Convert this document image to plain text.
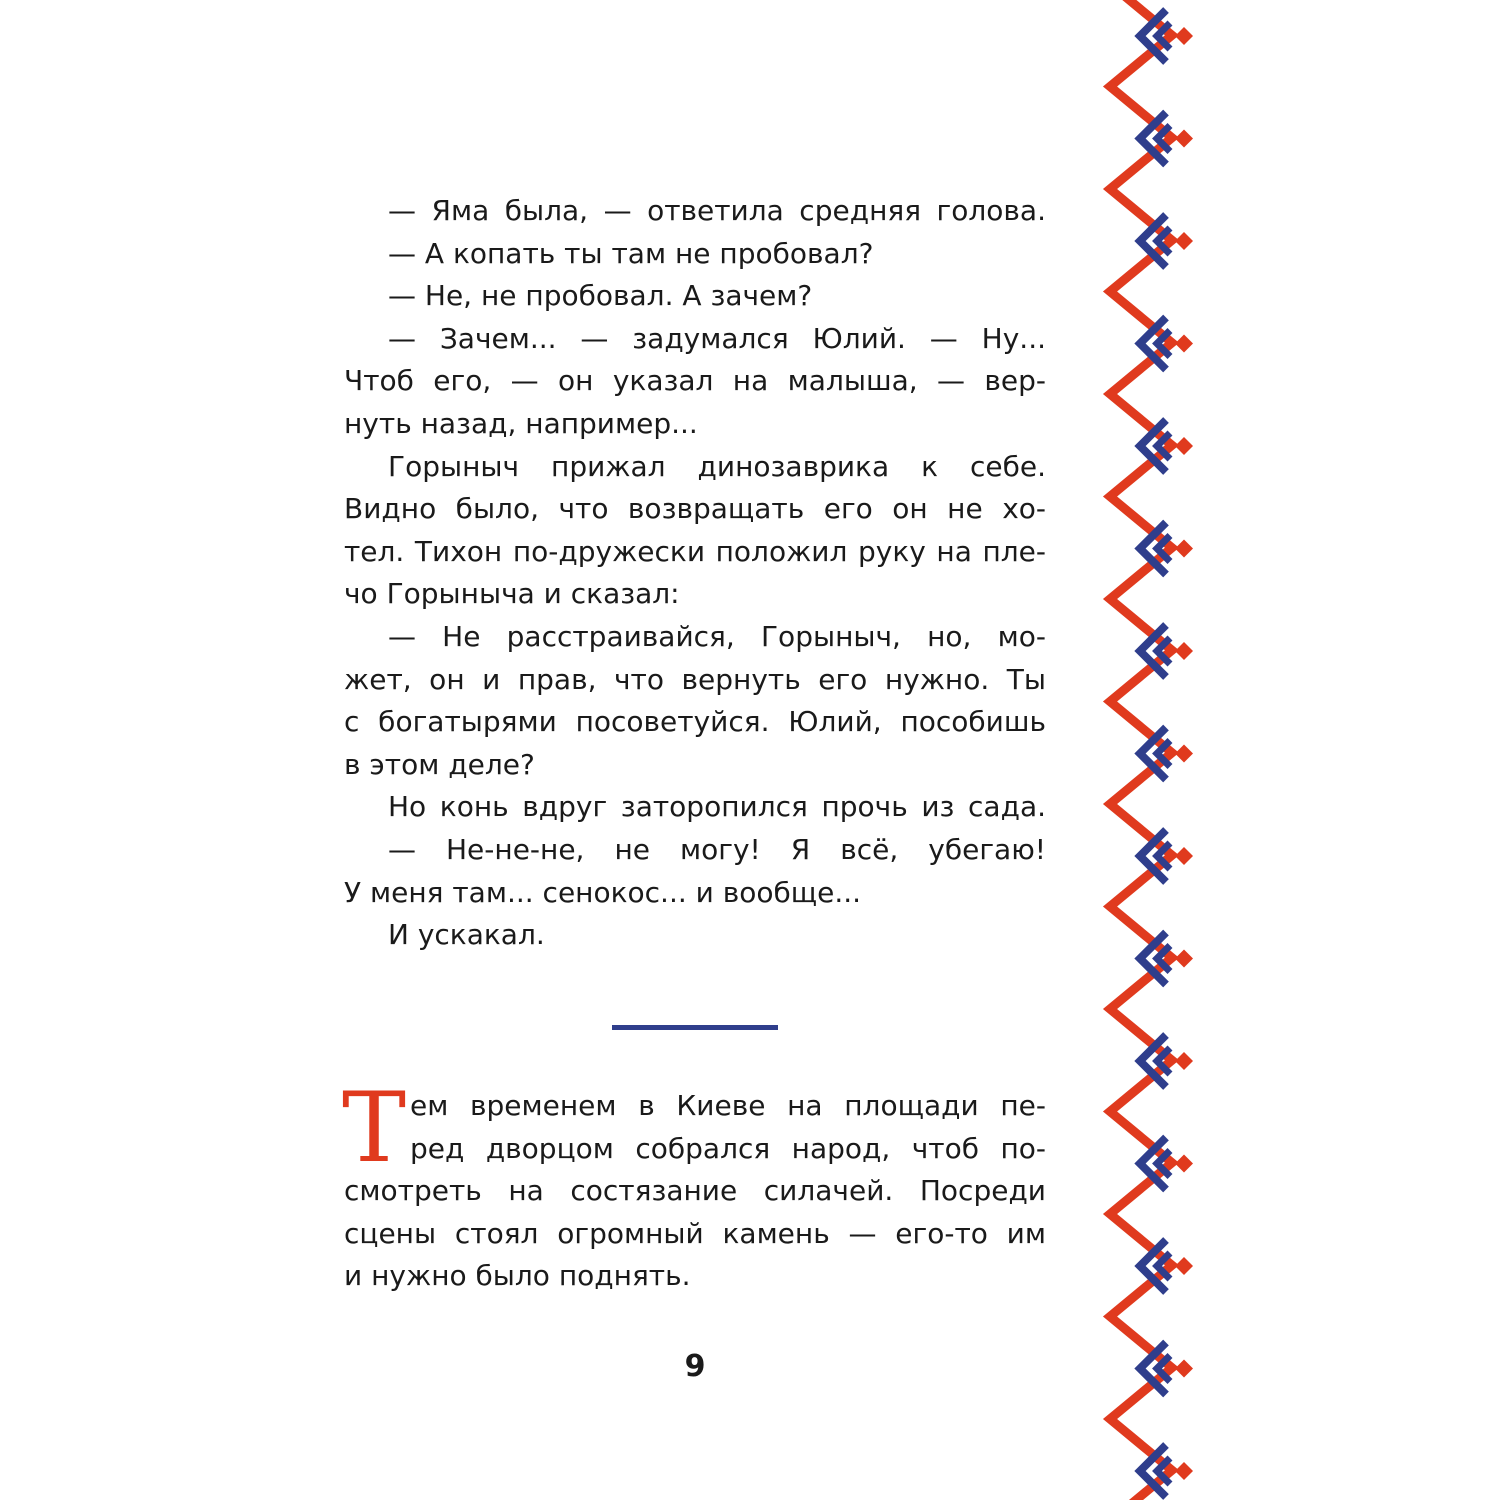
— Яма была, — ответила средняя голова.
— А копать ты там не пробовал?
— Не, не пробовал. А зачем?
— Зачем... — задумался Юлий. — Ну...
Чтоб его, — он указал на малыша, — вер-
нуть назад, например...
Горыныч прижал динозаврика к себе.
Видно было, что возвращать его он не хо-
тел. Тихон по-дружески положил руку на пле-
чо Горыныча и сказал:
— Не расстраивайся, Горыныч, но, мо-
жет, он и прав, что вернуть его нужно. Ты
с богатырями посоветуйся. Юлий, пособишь
в этом деле?
Но конь вдруг заторопился прочь из сада.
— Не-не-не, не могу! Я всё, убегаю!
У меня там... сенокос... и вообще...
И ускакал.
Т ем временем в Киеве на площади пе-
ред дворцом собрался народ, чтоб по-
смотреть на состязание силачей. Посреди
сцены стоял огромный камень — его-то им
и нужно было поднять.
9
